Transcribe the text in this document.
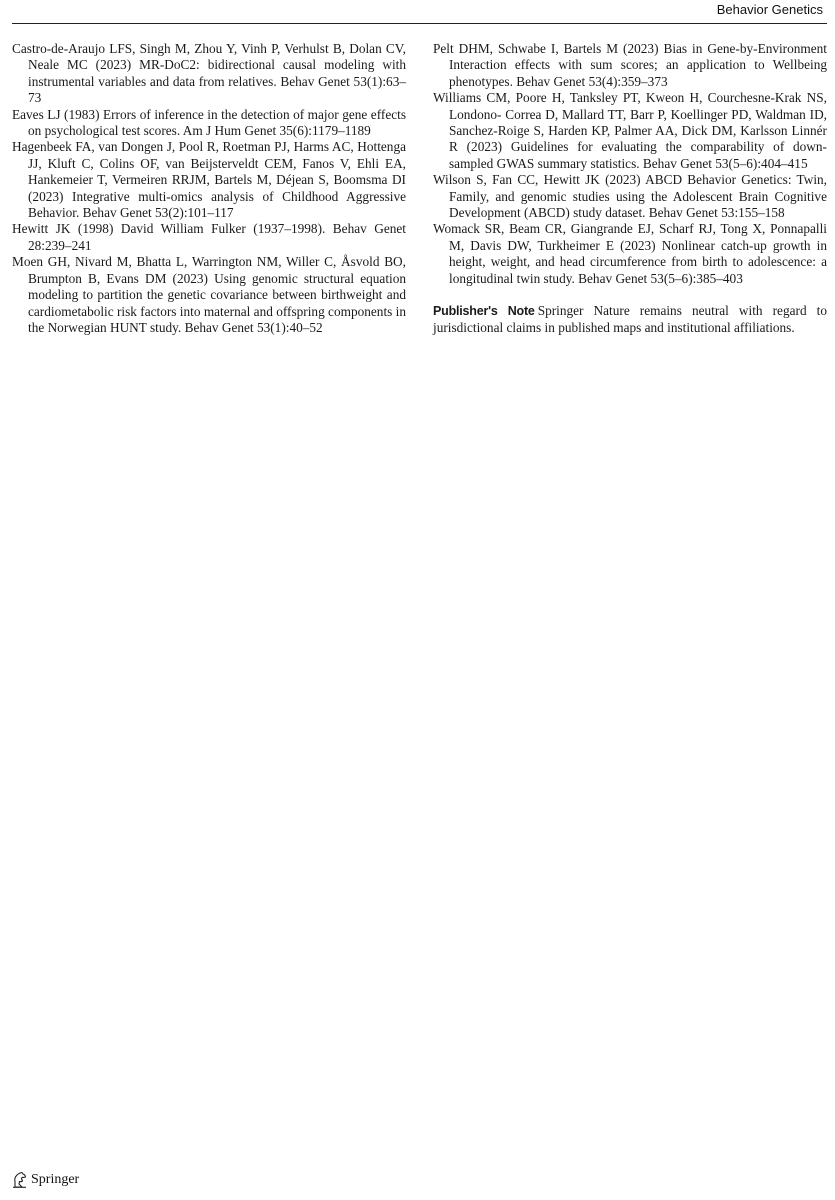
Behavior Genetics

Castro-de-Araujo LFS, Singh M, Zhou Y, Vinh P, Verhulst B, Dolan CV, Neale MC (2023) MR-DoC2: bidirectional causal modeling with instrumental variables and data from relatives. Behav Genet 53(1):63–73

Eaves LJ (1983) Errors of inference in the detection of major gene effects on psychological test scores. Am J Hum Genet 35(6):1179–1189

Hagenbeek FA, van Dongen J, Pool R, Roetman PJ, Harms AC, Hottenga JJ, Kluft C, Colins OF, van Beijsterveldt CEM, Fanos V, Ehli EA, Hankemeier T, Vermeiren RRJM, Bartels M, Déjean S, Boomsma DI (2023) Integrative multi-omics analysis of Childhood Aggressive Behavior. Behav Genet 53(2):101–117

Hewitt JK (1998) David William Fulker (1937–1998). Behav Genet 28:239–241

Moen GH, Nivard M, Bhatta L, Warrington NM, Willer C, Åsvold BO, Brumpton B, Evans DM (2023) Using genomic structural equation modeling to partition the genetic covariance between birthweight and cardiometabolic risk factors into maternal and offspring components in the Norwegian HUNT study. Behav Genet 53(1):40–52

Pelt DHM, Schwabe I, Bartels M (2023) Bias in Gene-by-Environment Interaction effects with sum scores; an application to Wellbeing phenotypes. Behav Genet 53(4):359–373

Williams CM, Poore H, Tanksley PT, Kweon H, Courchesne-Krak NS, Londono- Correa D, Mallard TT, Barr P, Koellinger PD, Waldman ID, Sanchez-Roige S, Harden KP, Palmer AA, Dick DM, Karlsson Linnér R (2023) Guidelines for evaluating the comparability of down-sampled GWAS summary statistics. Behav Genet 53(5–6):404–415

Wilson S, Fan CC, Hewitt JK (2023) ABCD Behavior Genetics: Twin, Family, and genomic studies using the Adolescent Brain Cognitive Development (ABCD) study dataset. Behav Genet 53:155–158

Womack SR, Beam CR, Giangrande EJ, Scharf RJ, Tong X, Ponnapalli M, Davis DW, Turkheimer E (2023) Nonlinear catch-up growth in height, weight, and head circumference from birth to adolescence: a longitudinal twin study. Behav Genet 53(5–6):385–403

Publisher's Note Springer Nature remains neutral with regard to jurisdictional claims in published maps and institutional affiliations.

Springer
